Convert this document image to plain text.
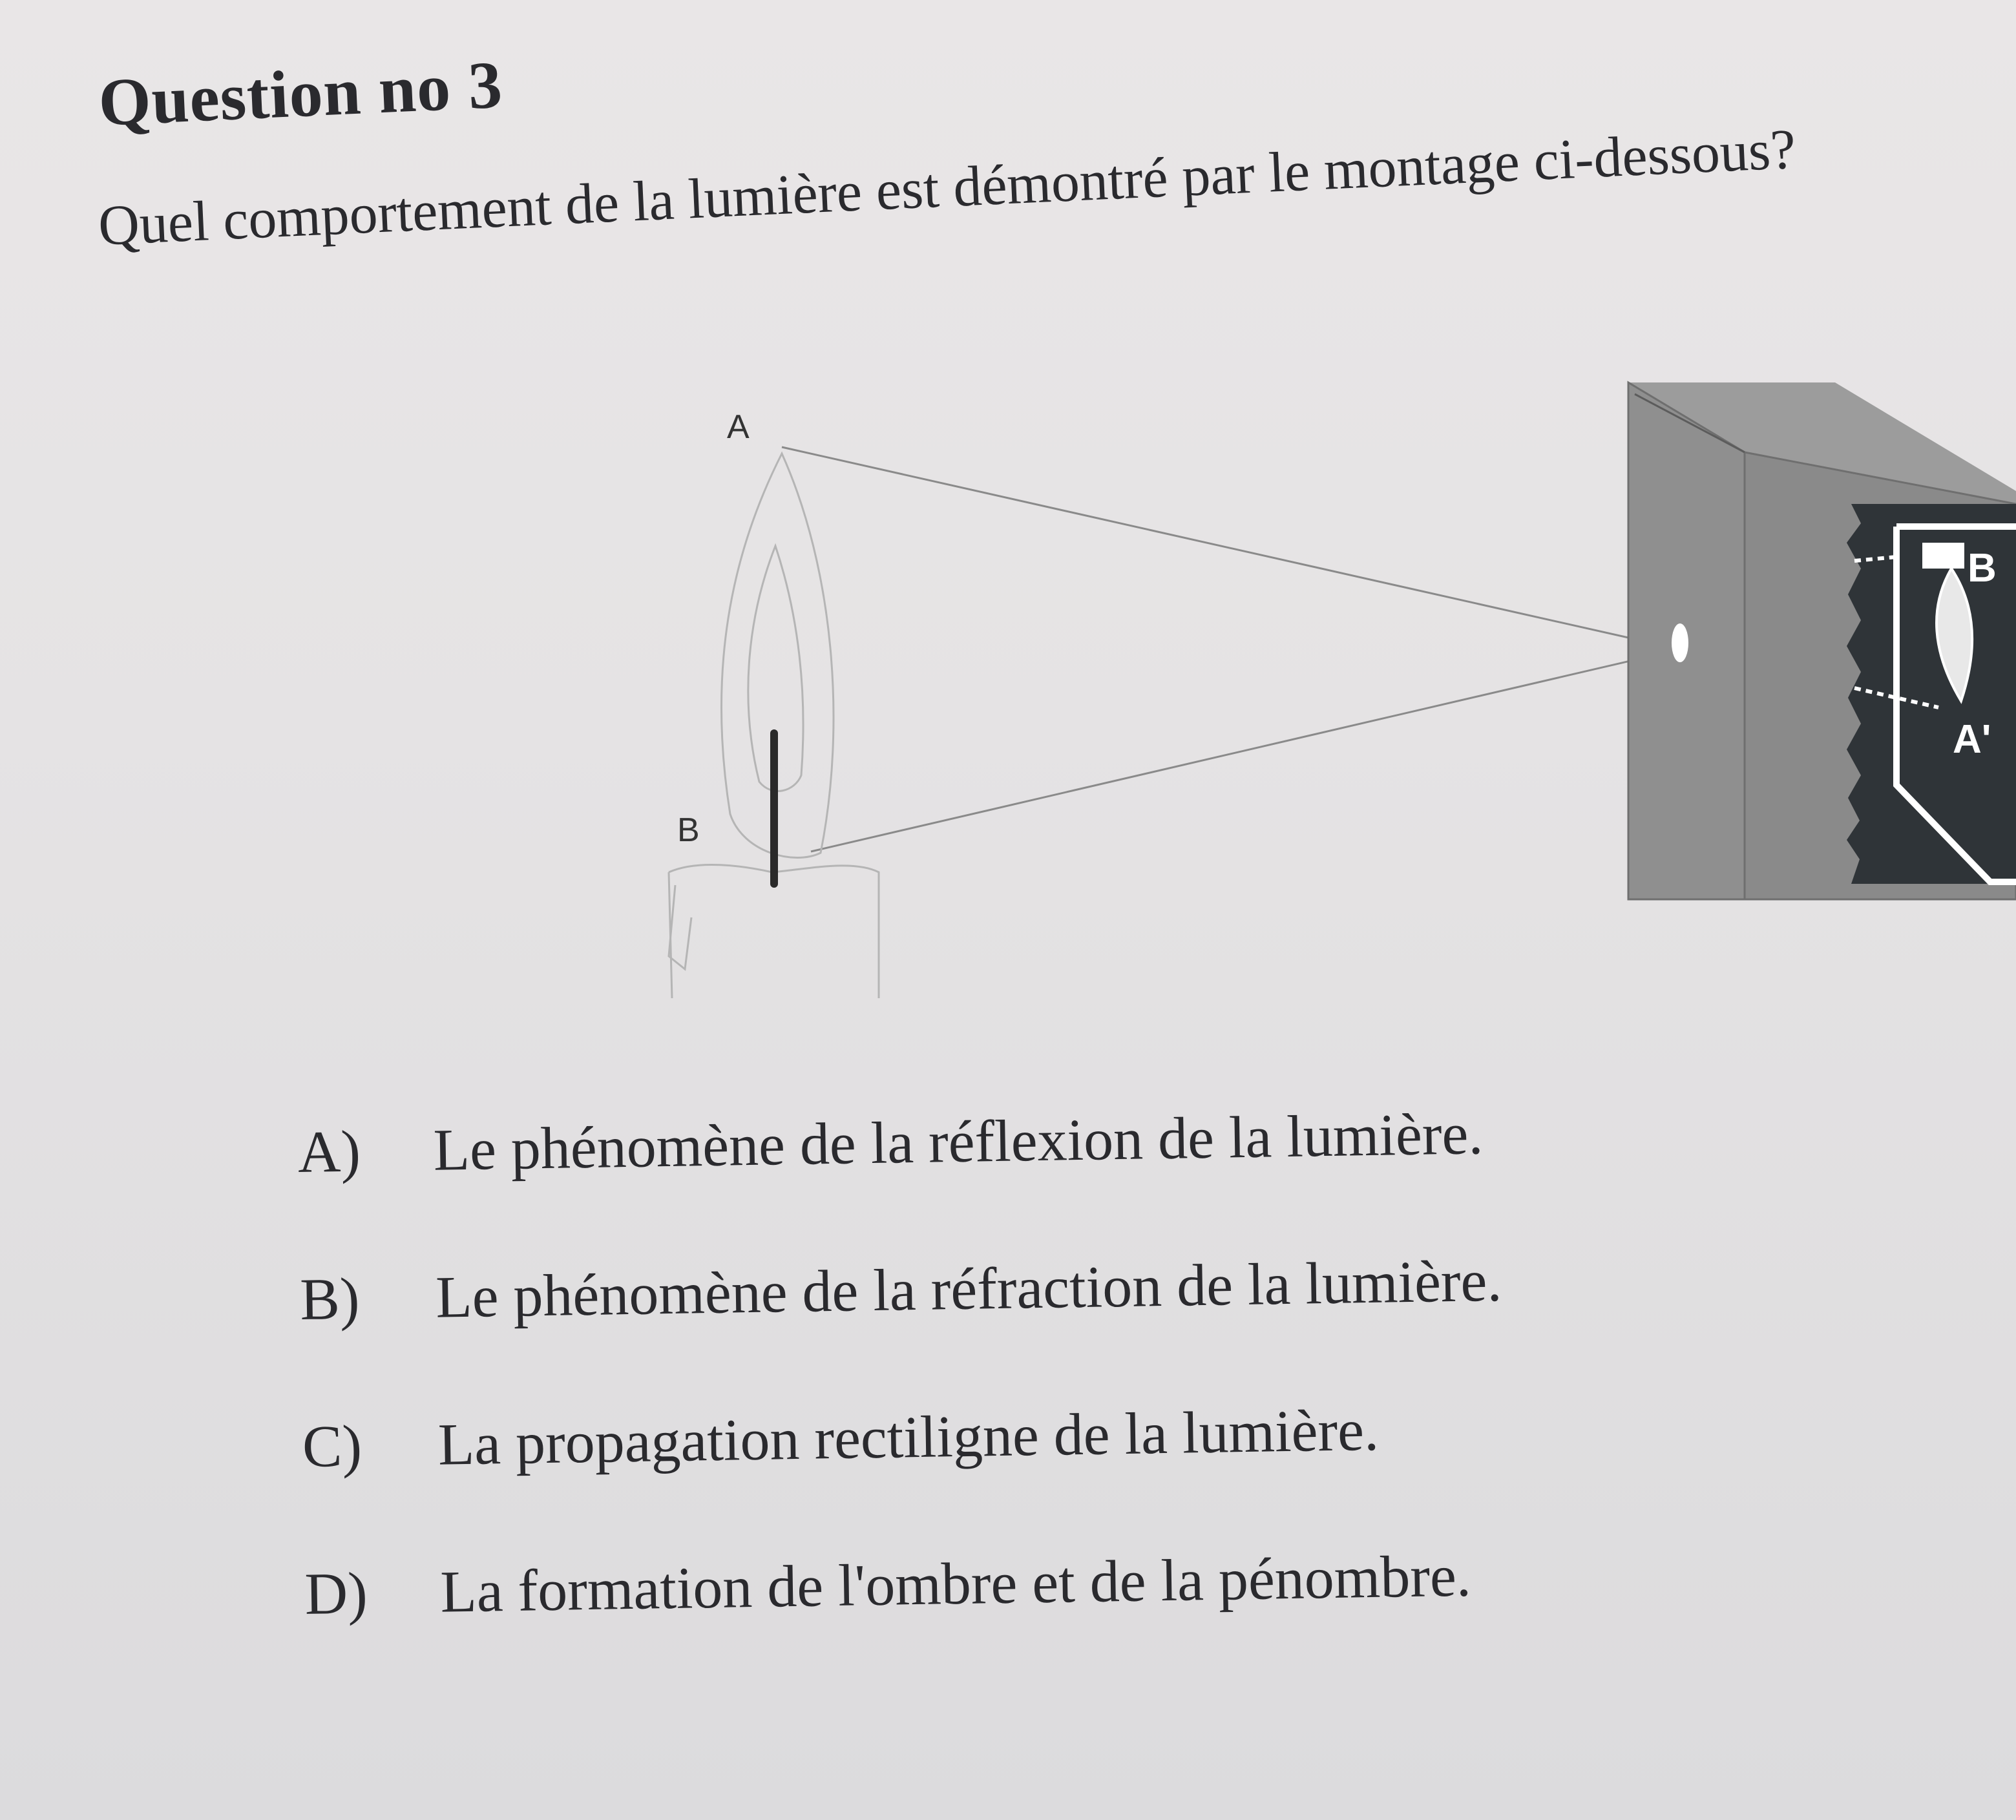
Question no 3
Quel comportement de la lumière est démontré par le montage ci-dessous?
A
B
B
A'
A)	Le phénomène de la réflexion de la lumière.
B)	Le phénomène de la réfraction de la lumière.
C)	La propagation rectiligne de la lumière.
D)	La formation de l'ombre et de la pénombre.
